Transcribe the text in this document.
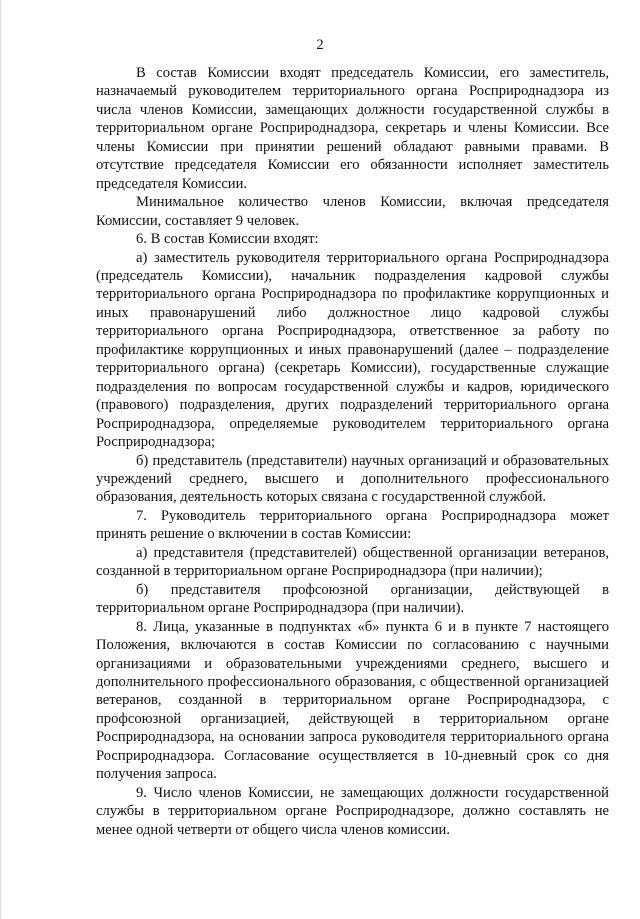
2

В состав Комиссии входят председатель Комиссии, его заместитель, назначаемый руководителем территориального органа Росприроднадзора из числа членов Комиссии, замещающих должности государственной службы в территориальном органе Росприроднадзора, секретарь и члены Комиссии. Все члены Комиссии при принятии решений обладают равными правами. В отсутствие председателя Комиссии его обязанности исполняет заместитель председателя Комиссии.

Минимальное количество членов Комиссии, включая председателя Комиссии, составляет 9 человек.

6. В состав Комиссии входят:

а) заместитель руководителя территориального органа Росприроднадзора (председатель Комиссии), начальник подразделения кадровой службы территориального органа Росприроднадзора по профилактике коррупционных и иных правонарушений либо должностное лицо кадровой службы территориального органа Росприроднадзора, ответственное за работу по профилактике коррупционных и иных правонарушений (далее – подразделение территориального органа) (секретарь Комиссии), государственные служащие подразделения по вопросам государственной службы и кадров, юридического (правового) подразделения, других подразделений территориального органа Росприроднадзора, определяемые руководителем территориального органа Росприроднадзора;

б) представитель (представители) научных организаций и образовательных учреждений среднего, высшего и дополнительного профессионального образования, деятельность которых связана с государственной службой.

7. Руководитель территориального органа Росприроднадзора может принять решение о включении в состав Комиссии:

а) представителя (представителей) общественной организации ветеранов, созданной в территориальном органе Росприроднадзора (при наличии);

б) представителя профсоюзной организации, действующей в территориальном органе Росприроднадзора (при наличии).

8. Лица, указанные в подпунктах «б» пункта 6 и в пункте 7 настоящего Положения, включаются в состав Комиссии по согласованию с научными организациями и образовательными учреждениями среднего, высшего и дополнительного профессионального образования, с общественной организацией ветеранов, созданной в территориальном органе Росприроднадзора, с профсоюзной организацией, действующей в территориальном органе Росприроднадзора, на основании запроса руководителя территориального органа Росприроднадзора. Согласование осуществляется в 10-дневный срок со дня получения запроса.

9. Число членов Комиссии, не замещающих должности государственной службы в территориальном органе Росприроднадзоре, должно составлять не менее одной четверти от общего числа членов комиссии.
